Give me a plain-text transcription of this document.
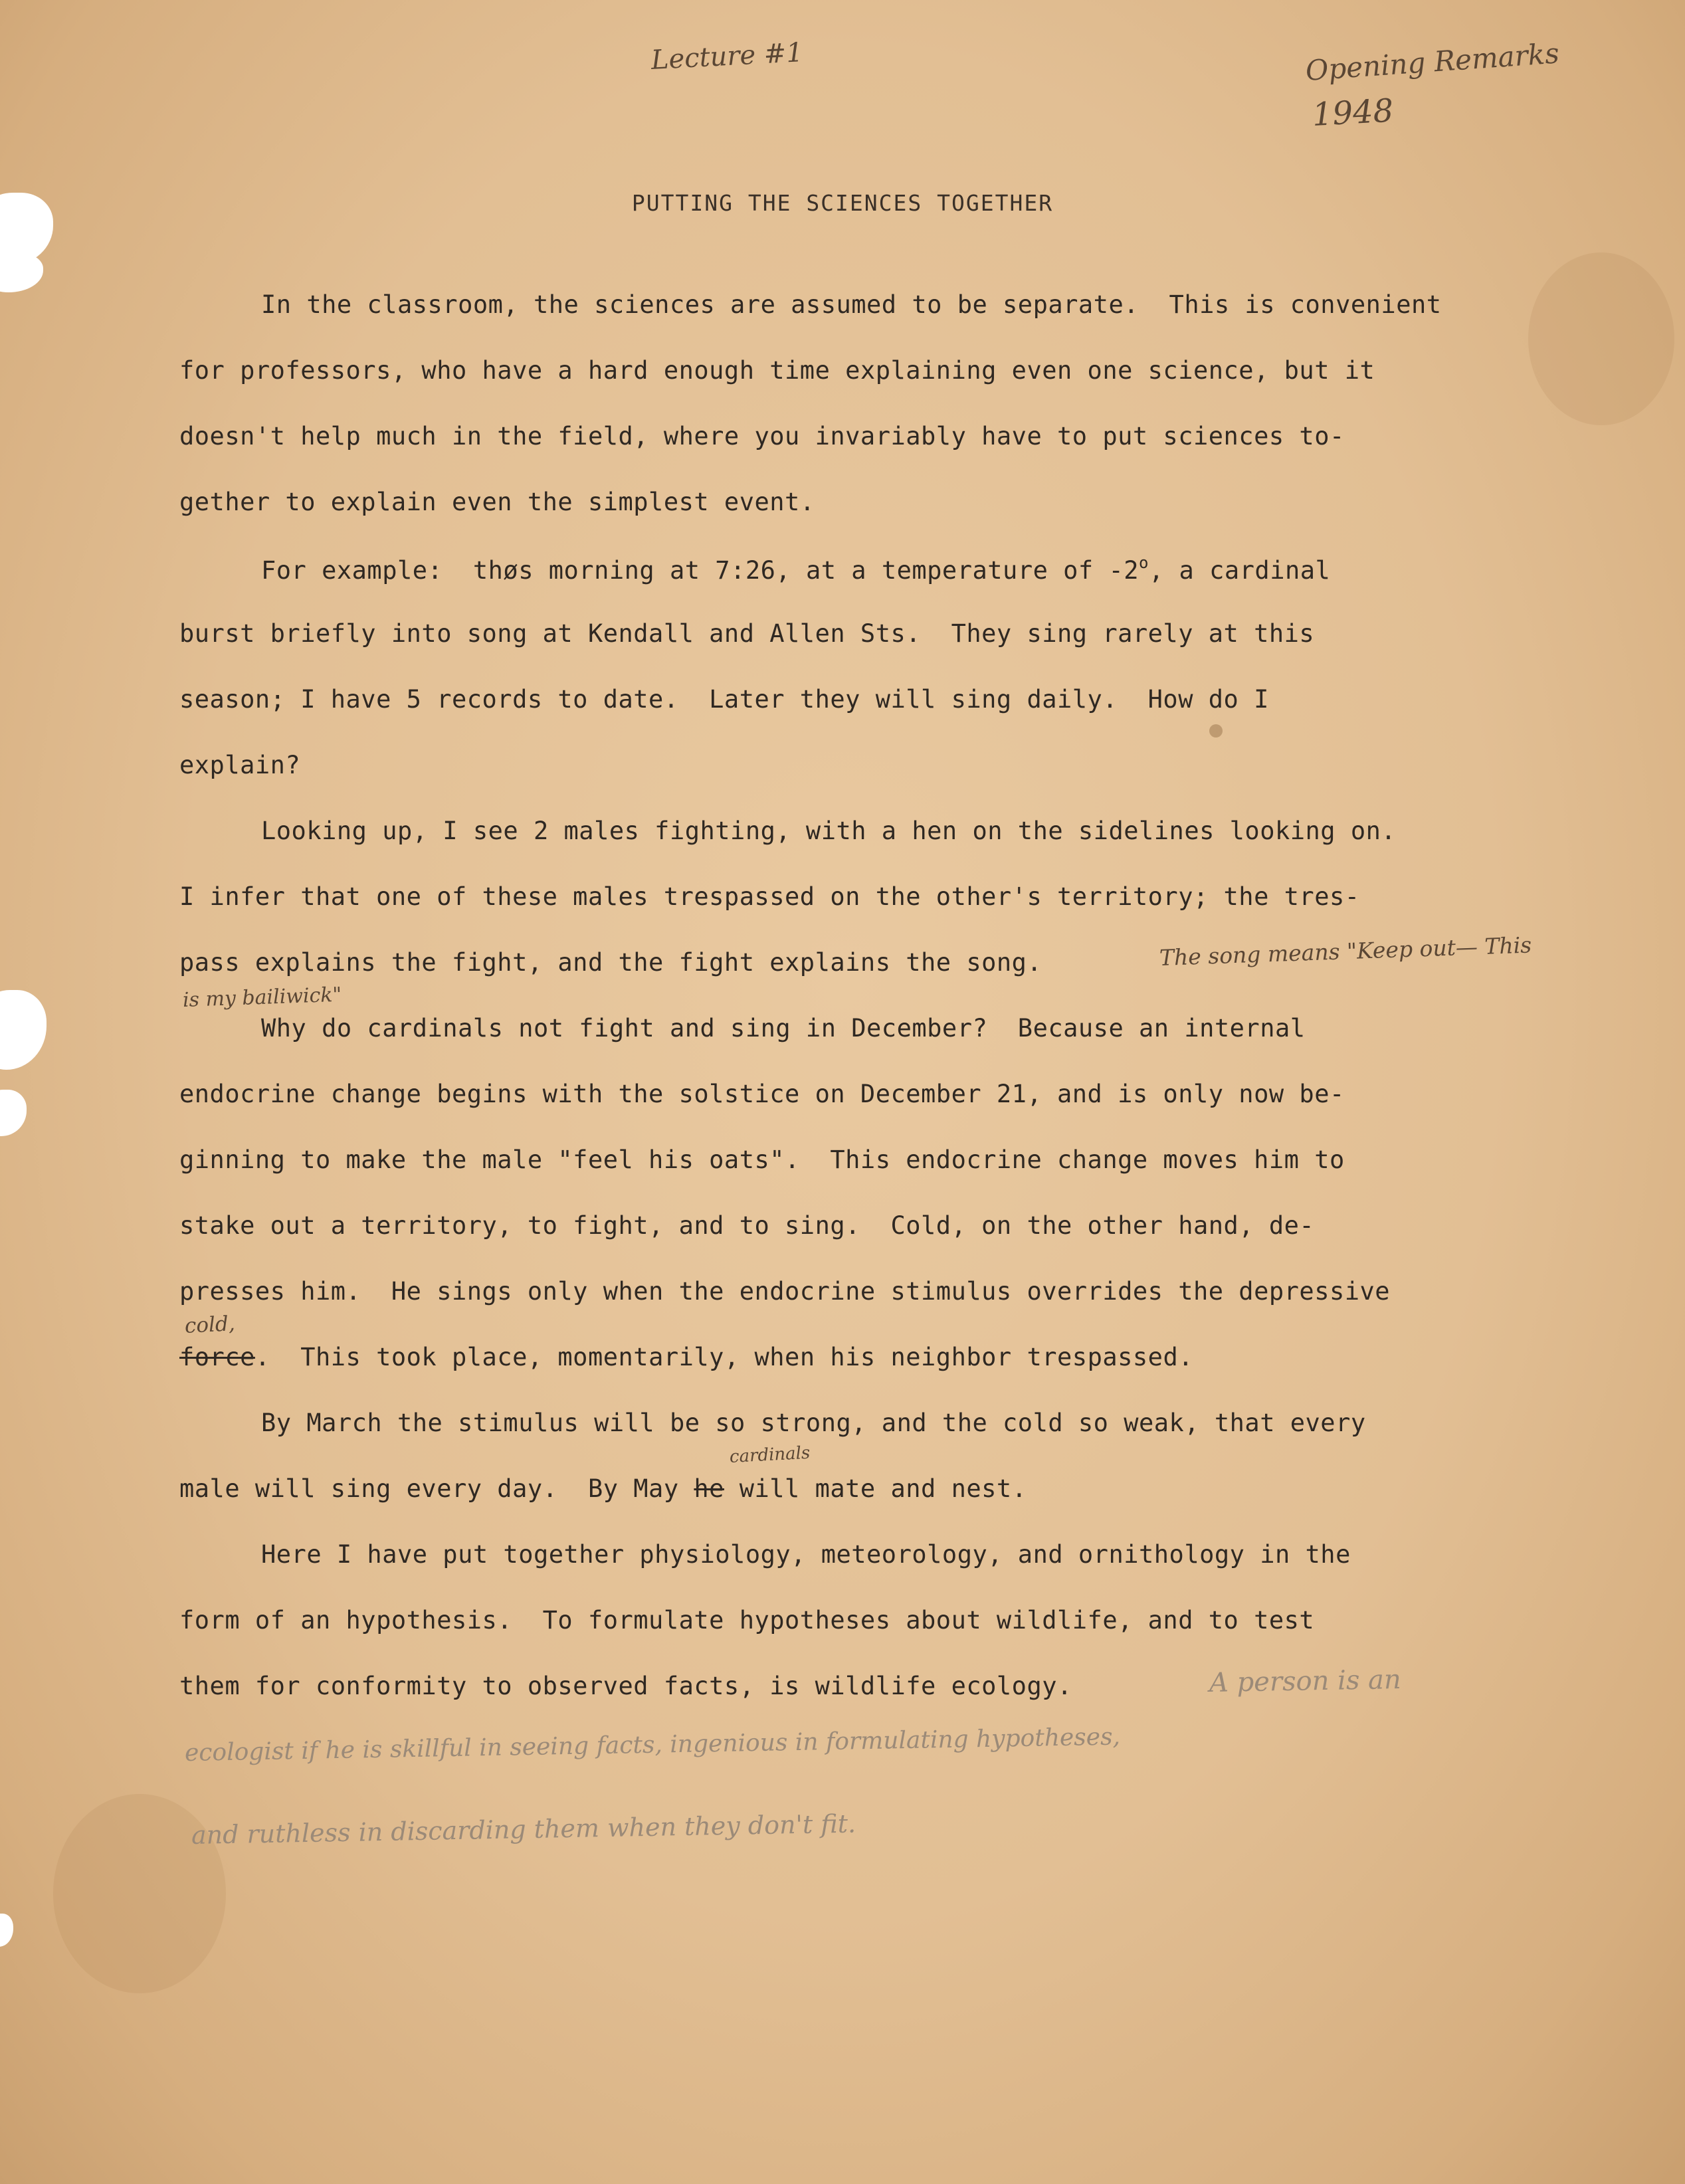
Lecture #1	Opening Remarks
1948
PUTTING THE SCIENCES TOGETHER
In the classroom, the sciences are assumed to be separate.  This is convenient
for professors, who have a hard enough time explaining even one science, but it
doesn't help much in the field, where you invariably have to put sciences to-
gether to explain even the simplest event.
For example:  thøs morning at 7:26, at a temperature of -2$^o$, a cardinal
burst briefly into song at Kendall and Allen Sts.  They sing rarely at this
season; I have 5 records to date.  Later they will sing daily.  How do I
explain?
Looking up, I see 2 males fighting, with a hen on the sidelines looking on.
I infer that one of these males trespassed on the other's territory; the tres-
pass explains the fight, and the fight explains the song.	The song means "Keep out— This
is my bailiwick"
Why do cardinals not fight and sing in December?  Because an internal
endocrine change begins with the solstice on December 21, and is only now be-
ginning to make the male "feel his oats".  This endocrine change moves him to
stake out a territory, to fight, and to sing.  Cold, on the other hand, de-
presses him.  He sings only when the endocrine stimulus overrides the depressive
cold,
force.  This took place, momentarily, when his neighbor trespassed.
By March the stimulus will be so strong, and the cold so weak, that every
cardinals
male will sing every day.  By May he will mate and nest.
Here I have put together physiology, meteorology, and ornithology in the
form of an hypothesis.  To formulate hypotheses about wildlife, and to test
them for conformity to observed facts, is wildlife ecology.	A person is an
ecologist if he is skillful in seeing facts, ingenious in formulating hypotheses,
and ruthless in discarding them when they don't fit.
